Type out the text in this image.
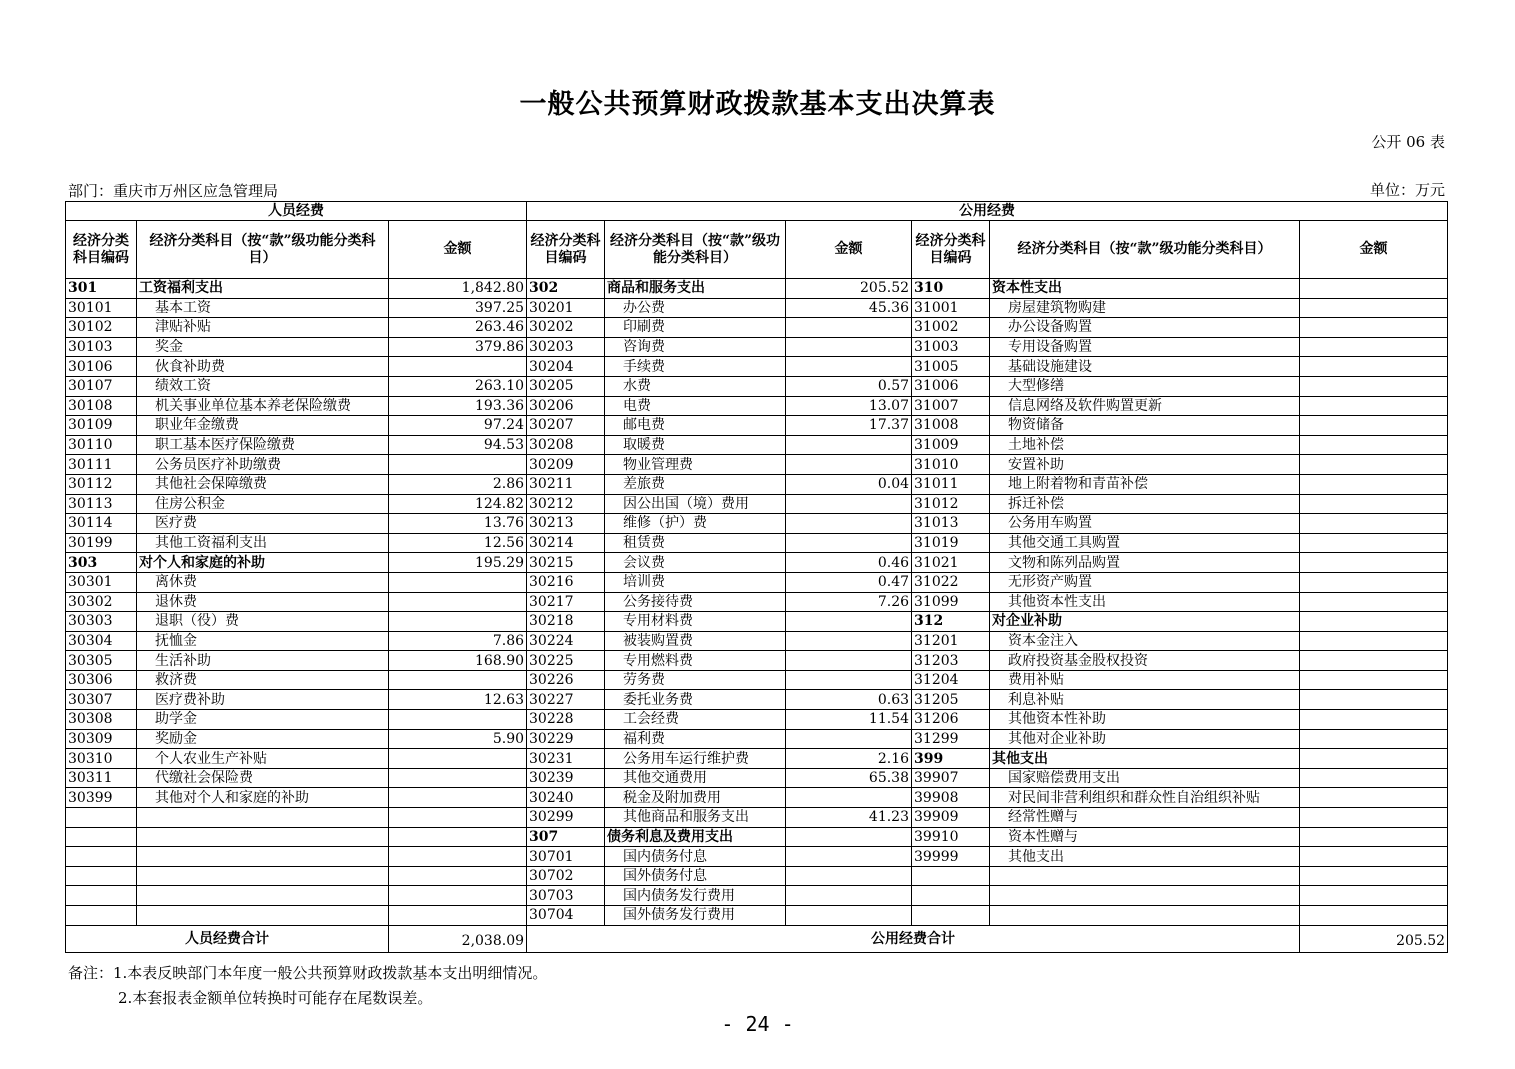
一般公共预算财政拨款基本支出决算表
公开 06 表
部门：重庆市万州区应急管理局	单位：万元
人员经费			公用经费					
经济分类科目编码	经济分类科目（按“款”级功能分类科目）	金额	经济分类科目编码	经济分类科目（按“款”级功能分类科目）	金额	经济分类科目编码	经济分类科目（按“款”级功能分类科目）	金额
301	工资福利支出	1,842.80	302	商品和服务支出	205.52	310	资本性支出	
30101	基本工资	397.25	30201	办公费	45.36	31001	房屋建筑物购建	
30102	津贴补贴	263.46	30202	印刷费		31002	办公设备购置	
30103	奖金	379.86	30203	咨询费		31003	专用设备购置	
30106	伙食补助费		30204	手续费		31005	基础设施建设	
30107	绩效工资	263.10	30205	水费	0.57	31006	大型修缮	
30108	机关事业单位基本养老保险缴费	193.36	30206	电费	13.07	31007	信息网络及软件购置更新	
30109	职业年金缴费	97.24	30207	邮电费	17.37	31008	物资储备	
30110	职工基本医疗保险缴费	94.53	30208	取暖费		31009	土地补偿	
30111	公务员医疗补助缴费		30209	物业管理费		31010	安置补助	
30112	其他社会保障缴费	2.86	30211	差旅费	0.04	31011	地上附着物和青苗补偿	
30113	住房公积金	124.82	30212	因公出国（境）费用		31012	拆迁补偿	
30114	医疗费	13.76	30213	维修（护）费		31013	公务用车购置	
30199	其他工资福利支出	12.56	30214	租赁费		31019	其他交通工具购置	
303	对个人和家庭的补助	195.29	30215	会议费	0.46	31021	文物和陈列品购置	
30301	离休费		30216	培训费	0.47	31022	无形资产购置	
30302	退休费		30217	公务接待费	7.26	31099	其他资本性支出	
30303	退职（役）费		30218	专用材料费		312	对企业补助	
30304	抚恤金	7.86	30224	被装购置费		31201	资本金注入	
30305	生活补助	168.90	30225	专用燃料费		31203	政府投资基金股权投资	
30306	救济费		30226	劳务费		31204	费用补贴	
30307	医疗费补助	12.63	30227	委托业务费	0.63	31205	利息补贴	
30308	助学金		30228	工会经费	11.54	31206	其他资本性补助	
30309	奖励金	5.90	30229	福利费		31299	其他对企业补助	
30310	个人农业生产补贴		30231	公务用车运行维护费	2.16	399	其他支出	
30311	代缴社会保险费		30239	其他交通费用	65.38	39907	国家赔偿费用支出	
30399	其他对个人和家庭的补助		30240	税金及附加费用		39908	对民间非营利组织和群众性自治组织补贴	
			30299	其他商品和服务支出	41.23	39909	经常性赠与	
			307	债务利息及费用支出		39910	资本性赠与	
			30701	国内债务付息		39999	其他支出	
			30702	国外债务付息				
			30703	国内债务发行费用				
			30704	国外债务发行费用				
人员经费合计		2,038.09	公用经费合计					205.52
备注：1.本表反映部门本年度一般公共预算财政拨款基本支出明细情况。
2.本套报表金额单位转换时可能存在尾数误差。
- 24 -
